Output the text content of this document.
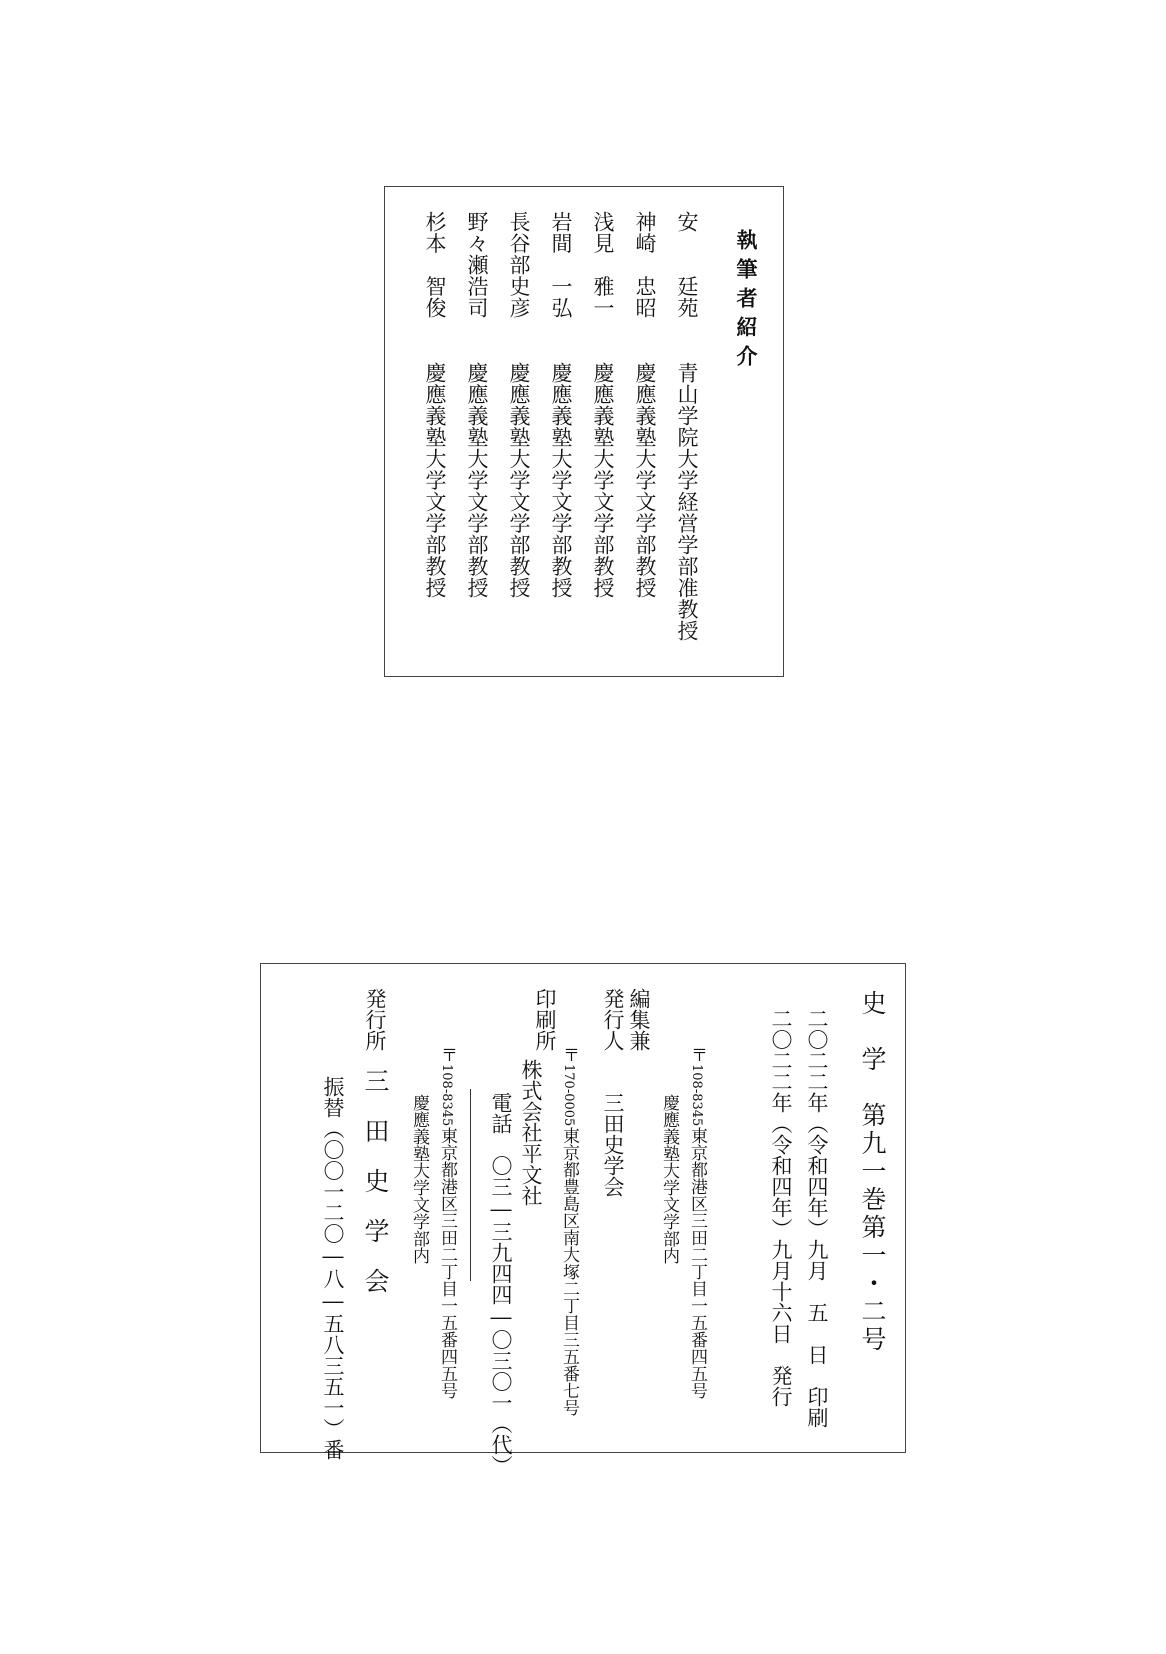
執筆者紹介
安　　廷苑
青山学院大学経営学部准教授
神崎　忠昭
慶應義塾大学文学部教授
浅見　雅一
慶應義塾大学文学部教授
岩間　一弘
慶應義塾大学文学部教授
長谷部史彦
慶應義塾大学文学部教授
野々瀬浩司
慶應義塾大学文学部教授
杉本　智俊
慶應義塾大学文学部教授
史　学　第九一巻第一・二号
二〇二二年（令和四年）九月　五　日　印刷
二〇二二年（令和四年）九月十六日　発行
〒
108-8345
東京都港区三田二丁目一五番四五号
慶應義塾大学文学部内
編集兼
発行人
三田史学会
印刷所
〒
170-0005
東京都豊島区南大塚二丁目三五番七号
株式会社平文社
電話　〇三―三九四四―〇三〇一（代）
〒
108-8345
東京都港区三田二丁目一五番四五号
慶應義塾大学文学部内
発行所
三　田　史　学　会
振替（〇〇一二〇―八―五八三五一）番
